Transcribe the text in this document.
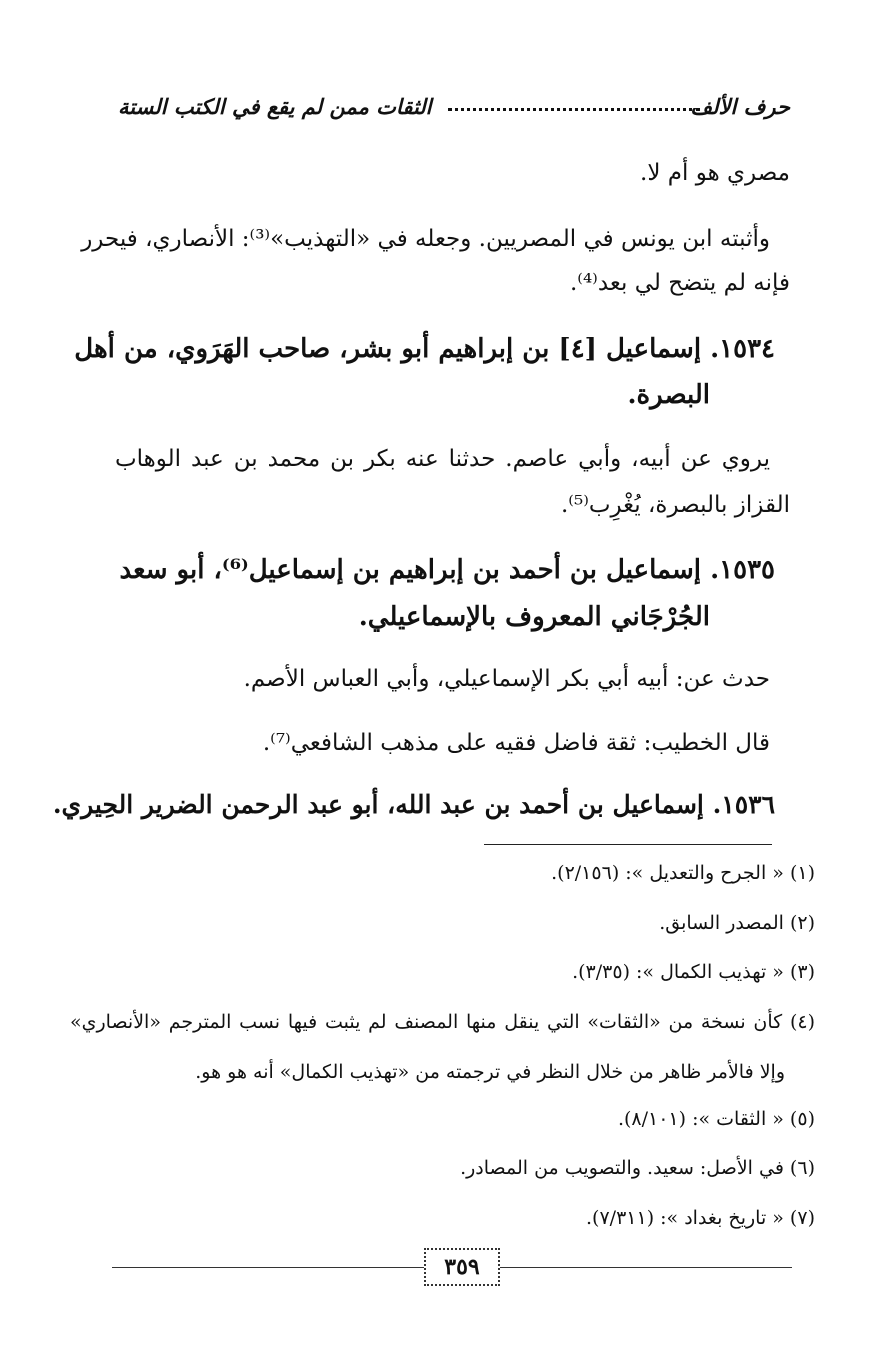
حرف الألف
الثقات ممن لم يقع في الكتب الستة
مصري هو أم لا.
وأثبته ابن يونس في المصريين. وجعله في «التهذيب»⁽³⁾: الأنصاري، فيحرر
فإنه لم يتضح لي بعد⁽⁴⁾.
١٥٣٤. إسماعيل [٤] بن إبراهيم أبو بشر، صاحب الهَرَوي، من أهل
البصرة.
يروي عن أبيه، وأبي عاصم. حدثنا عنه بكر بن محمد بن عبد الوهاب
القزاز بالبصرة، يُغْرِب⁽⁵⁾.
١٥٣٥. إسماعيل بن أحمد بن إبراهيم بن إسماعيل⁽⁶⁾، أبو سعد
الجُرْجَاني المعروف بالإسماعيلي.
حدث عن: أبيه أبي بكر الإسماعيلي، وأبي العباس الأصم.
قال الخطيب: ثقة فاضل فقيه على مذهب الشافعي⁽⁷⁾.
١٥٣٦. إسماعيل بن أحمد بن عبد الله، أبو عبد الرحمن الضرير الحِيري.
(١) « الجرح والتعديل »: (٢/١٥٦).
(٢) المصدر السابق.
(٣) « تهذيب الكمال »: (٣/٣٥).
(٤) كأن نسخة من «الثقات» التي ينقل منها المصنف لم يثبت فيها نسب المترجم «الأنصاري»
وإلا فالأمر ظاهر من خلال النظر في ترجمته من «تهذيب الكمال» أنه هو هو.
(٥) « الثقات »: (٨/١٠١).
(٦) في الأصل: سعيد. والتصويب من المصادر.
(٧) « تاريخ بغداد »: (٧/٣١١).
٣٥٩
